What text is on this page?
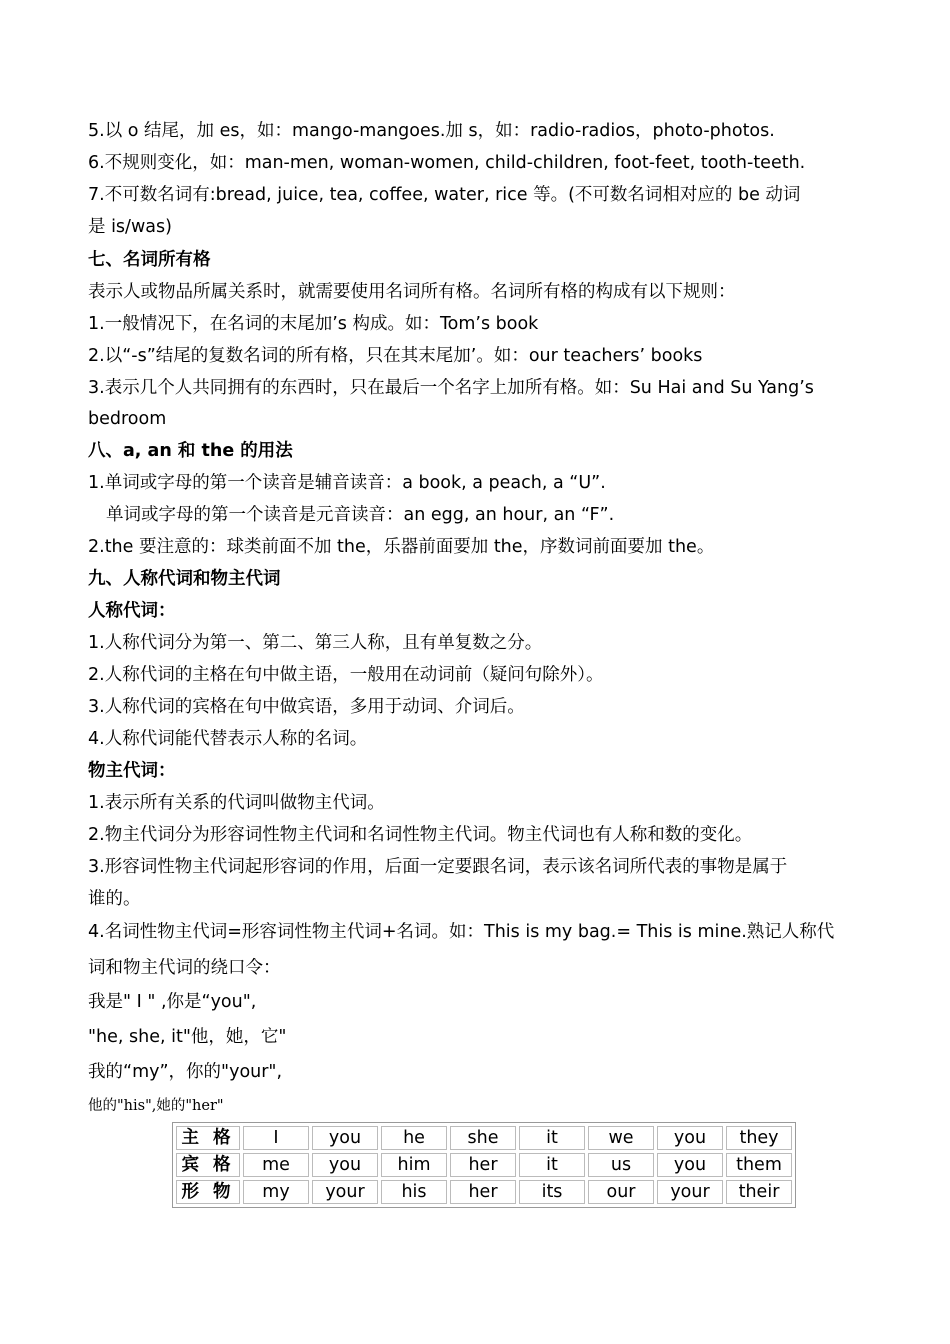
5.以 o 结尾，加 es，如：mango-mangoes.加 s，如：radio-radios，photo-photos.
6.不规则变化，如：man-men, woman-women, child-children, foot-feet, tooth-teeth.
7.不可数名词有:bread, juice, tea, coffee, water, rice 等。(不可数名词相对应的 be 动词
是 is/was)
七、名词所有格
表示人或物品所属关系时，就需要使用名词所有格。名词所有格的构成有以下规则：
1.一般情况下，在名词的末尾加’s 构成。如：Tom’s book
2.以“-s”结尾的复数名词的所有格，只在其末尾加’。如：our teachers’ books
3.表示几个人共同拥有的东西时，只在最后一个名字上加所有格。如：Su Hai and Su Yang’s
bedroom
八、a, an 和 the 的用法
1.单词或字母的第一个读音是辅音读音：a book, a peach, a “U”.
单词或字母的第一个读音是元音读音：an egg, an hour, an “F”.
2.the 要注意的：球类前面不加 the，乐器前面要加 the，序数词前面要加 the。
九、人称代词和物主代词
人称代词：
1.人称代词分为第一、第二、第三人称，且有单复数之分。
2.人称代词的主格在句中做主语，一般用在动词前（疑问句除外）。
3.人称代词的宾格在句中做宾语，多用于动词、介词后。
4.人称代词能代替表示人称的名词。
物主代词：
1.表示所有关系的代词叫做物主代词。
2.物主代词分为形容词性物主代词和名词性物主代词。物主代词也有人称和数的变化。
3.形容词性物主代词起形容词的作用，后面一定要跟名词，表示该名词所代表的事物是属于
谁的。
4.名词性物主代词=形容词性物主代词+名词。如：This is my bag.= This is mine.熟记人称代
词和物主代词的绕口令：
我是" I " ,你是“you",
"he, she, it"他，她，它"
我的“my”，你的"your",
他的"his",她的"her"
主 格	I	you	he	she	it	we	you	they
宾 格	me	you	him	her	it	us	you	them
形 物	my	your	his	her	its	our	your	their
